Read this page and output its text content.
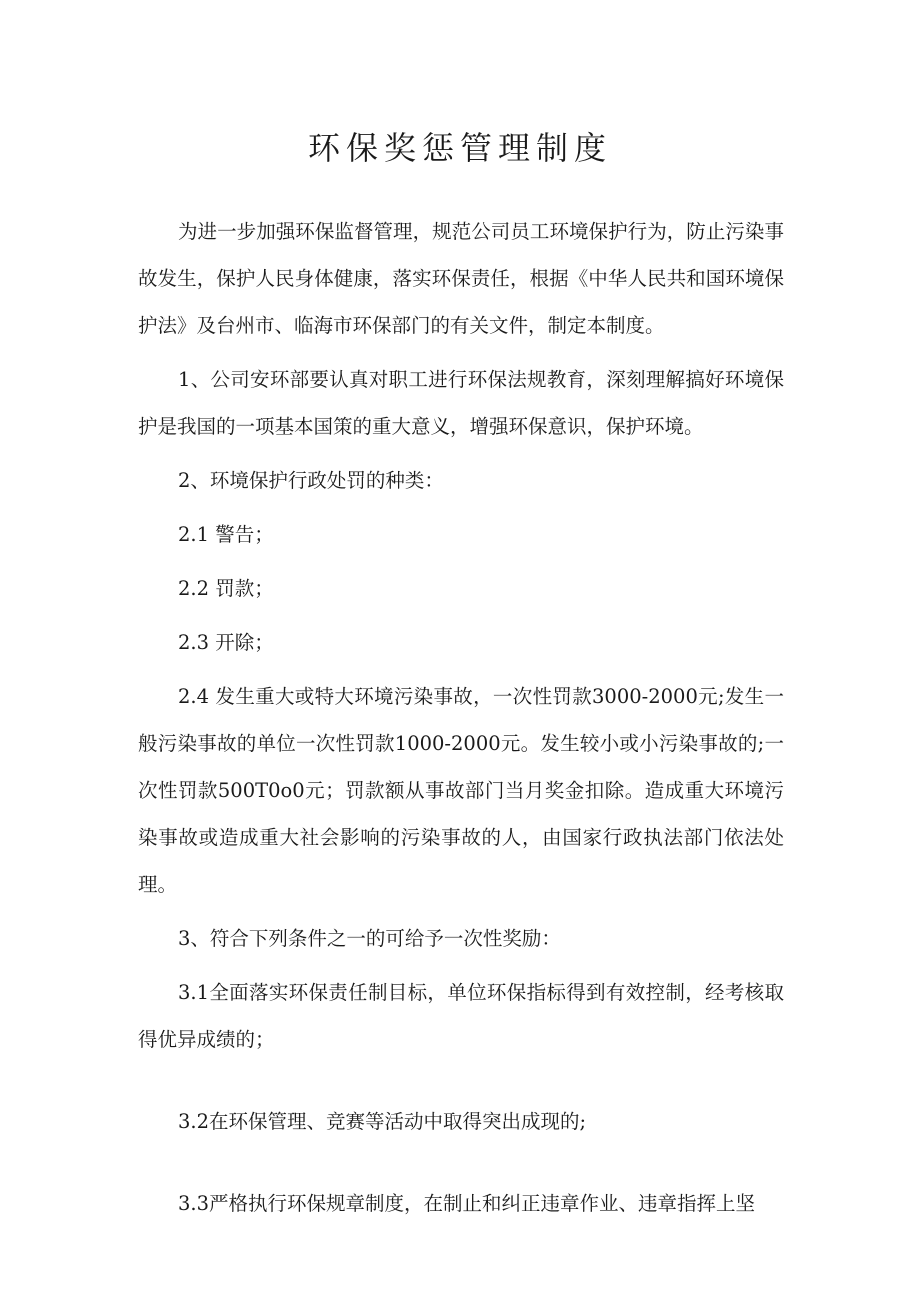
环保奖惩管理制度

为进一步加强环保监督管理，规范公司员工环境保护行为，防止污染事故发生，保护人民身体健康，落实环保责任，根据《中华人民共和国环境保护法》及台州市、临海市环保部门的有关文件，制定本制度。

1、公司安环部要认真对职工进行环保法规教育，深刻理解搞好环境保护是我国的一项基本国策的重大意义，增强环保意识，保护环境。

2、环境保护行政处罚的种类：

2.1 警告；

2.2 罚款；

2.3 开除；

2.4 发生重大或特大环境污染事故，一次性罚款3000-2000元;发生一般污染事故的单位一次性罚款1000-2000元。发生较小或小污染事故的;一次性罚款500T0o0元；罚款额从事故部门当月奖金扣除。造成重大环境污染事故或造成重大社会影响的污染事故的人，由国家行政执法部门依法处理。

3、符合下列条件之一的可给予一次性奖励：

3.1全面落实环保责任制目标，单位环保指标得到有效控制，经考核取得优异成绩的；

3.2在环保管理、竞赛等活动中取得突出成现的;

3.3严格执行环保规章制度，在制止和纠正违章作业、违章指挥上坚
